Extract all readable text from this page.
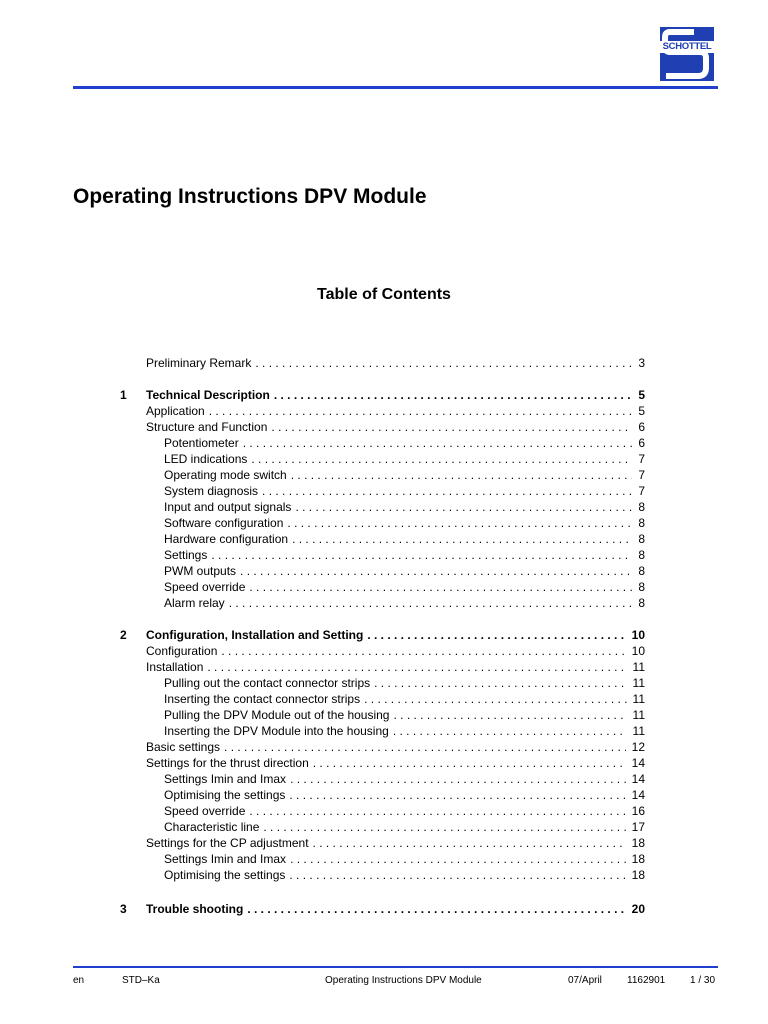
SCHOTTEL
Operating Instructions DPV Module
Table of Contents
Preliminary Remark . . .	3
1	Technical Description . . .	5
Application . . .	5
Structure and Function . . .	6
Potentiometer . . .	6
LED indications . . .	7
Operating mode switch . . .	7
System diagnosis . . .	7
Input and output signals . . .	8
Software configuration . . .	8
Hardware configuration . . .	8
Settings . . .	8
PWM outputs . . .	8
Speed override . . .	8
Alarm relay . . .	8
2	Configuration, Installation and Setting . . .	10
Configuration . . .	10
Installation . . .	11
Pulling out the contact connector strips . . .	11
Inserting the contact connector strips . . .	11
Pulling the DPV Module out of the housing . . .	11
Inserting the DPV Module into the housing . . .	11
Basic settings . . .	12
Settings for the thrust direction . . .	14
Settings Imin and Imax . . .	14
Optimising the settings . . .	14
Speed override . . .	16
Characteristic line . . .	17
Settings for the CP adjustment . . .	18
Settings Imin and Imax . . .	18
Optimising the settings . . .	18
3	Trouble shooting . . .	20
en	STD–Ka	Operating Instructions DPV Module	07/April	1162901 1 / 30
